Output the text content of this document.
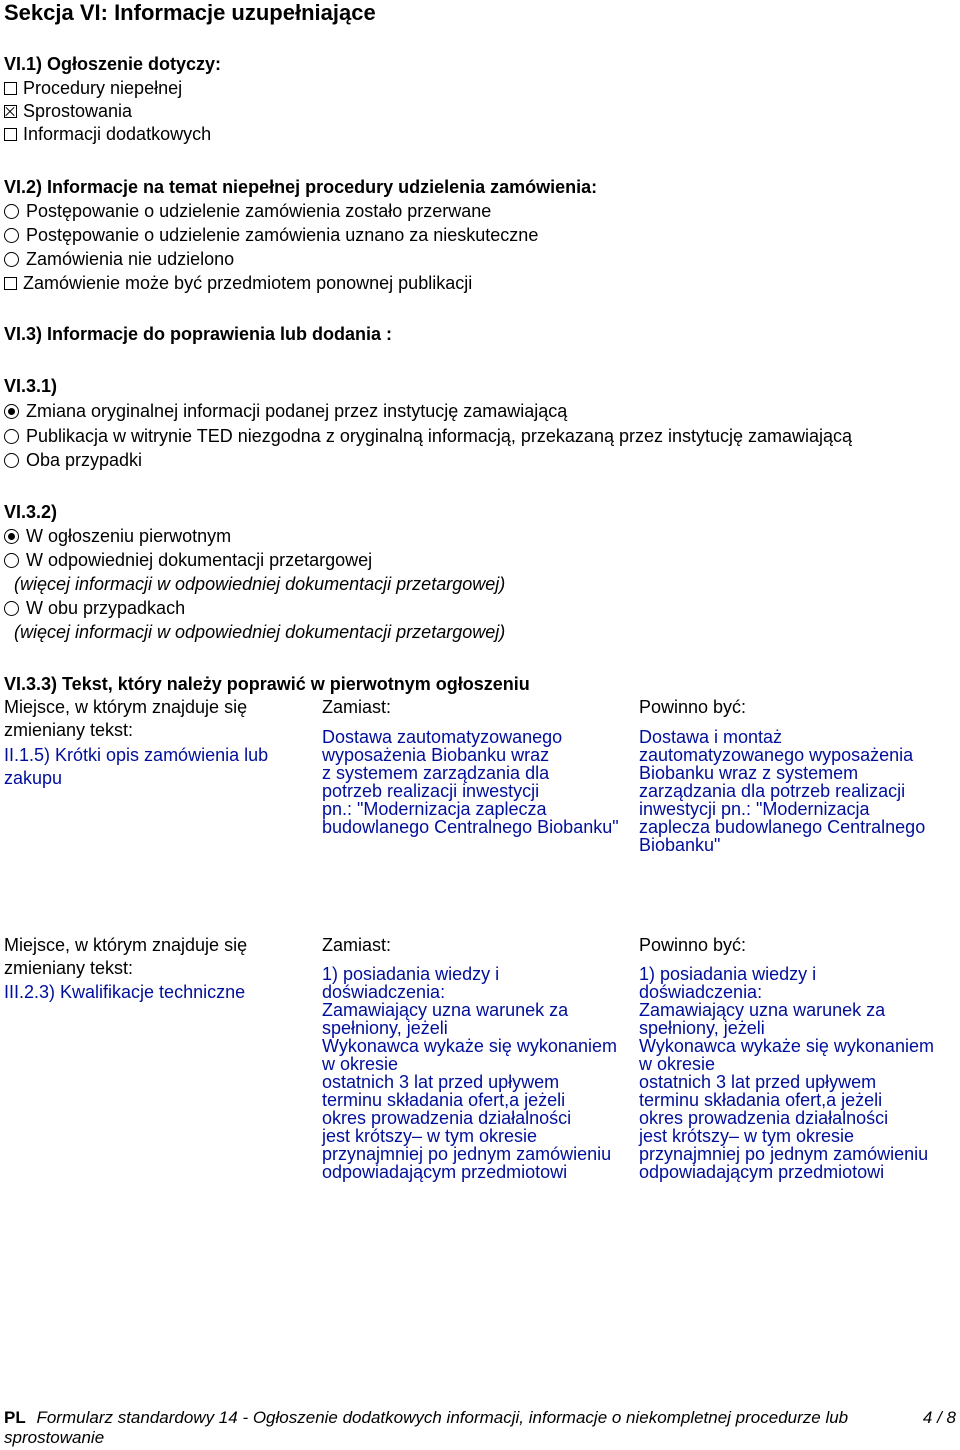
Sekcja VI: Informacje uzupełniające
VI.1) Ogłoszenie dotyczy:
Procedury niepełnej
Sprostowania
Informacji dodatkowych
VI.2) Informacje na temat niepełnej procedury udzielenia zamówienia:
Postępowanie o udzielenie zamówienia zostało przerwane
Postępowanie o udzielenie zamówienia uznano za nieskuteczne
Zamówienia nie udzielono
Zamówienie może być przedmiotem ponownej publikacji
VI.3) Informacje do poprawienia lub dodania :
VI.3.1)
Zmiana oryginalnej informacji podanej przez instytucję zamawiającą
Publikacja w witrynie TED niezgodna z oryginalną informacją, przekazaną przez instytucję zamawiającą
Oba przypadki
VI.3.2)
W ogłoszeniu pierwotnym
W odpowiedniej dokumentacji przetargowej
(więcej informacji w odpowiedniej dokumentacji przetargowej)
W obu przypadkach
(więcej informacji w odpowiedniej dokumentacji przetargowej)
VI.3.3) Tekst, który należy poprawić w pierwotnym ogłoszeniu
Miejsce, w którym znajduje się
zmieniany tekst:
II.1.5) Krótki opis zamówienia lub
zakupu
Zamiast:
Dostawa zautomatyzowanego
wyposażenia Biobanku wraz
z systemem zarządzania dla
potrzeb realizacji inwestycji
pn.: "Modernizacja zaplecza
budowlanego Centralnego Biobanku"
Powinno być:
Dostawa i montaż
zautomatyzowanego wyposażenia
Biobanku wraz z systemem
zarządzania dla potrzeb realizacji
inwestycji pn.: "Modernizacja
zaplecza budowlanego Centralnego
Biobanku"
Miejsce, w którym znajduje się
zmieniany tekst:
III.2.3) Kwalifikacje techniczne
Zamiast:
1) posiadania wiedzy i
doświadczenia:
Zamawiający uzna warunek za
spełniony, jeżeli
Wykonawca wykaże się wykonaniem
w okresie
ostatnich 3 lat przed upływem
terminu składania ofert,a jeżeli
okres prowadzenia działalności
jest krótszy– w tym okresie
przynajmniej po jednym zamówieniu
odpowiadającym przedmiotowi
Powinno być:
1) posiadania wiedzy i
doświadczenia:
Zamawiający uzna warunek za
spełniony, jeżeli
Wykonawca wykaże się wykonaniem
w okresie
ostatnich 3 lat przed upływem
terminu składania ofert,a jeżeli
okres prowadzenia działalności
jest krótszy– w tym okresie
przynajmniej po jednym zamówieniu
odpowiadającym przedmiotowi
PL Formularz standardowy 14 - Ogłoszenie dodatkowych informacji, informacje o niekompletnej procedurze lub
sprostowanie
4 / 8
